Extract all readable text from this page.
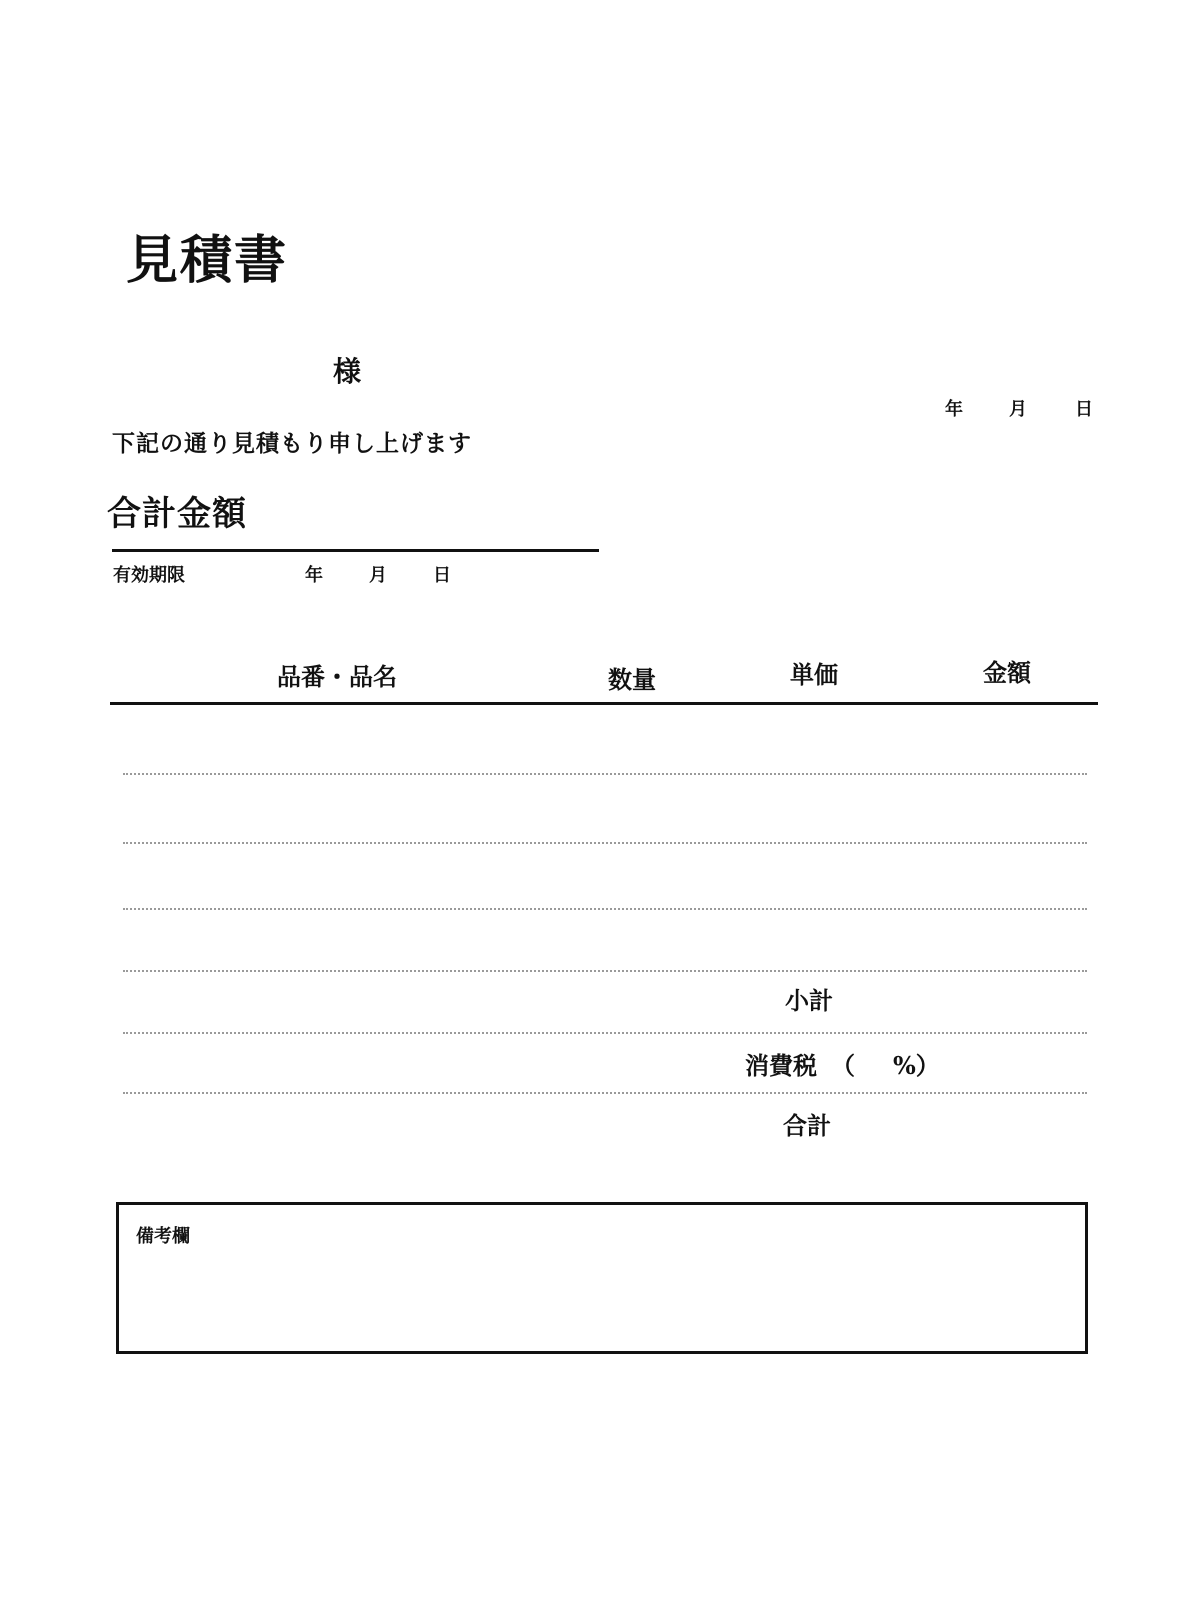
見積書
様
年	月	日
下記の通り見積もり申し上げます
合計金額
有効期限	年	月	日
品番・品名	数量	単価	金額
小計
消費税 （ %）
合計
備考欄
